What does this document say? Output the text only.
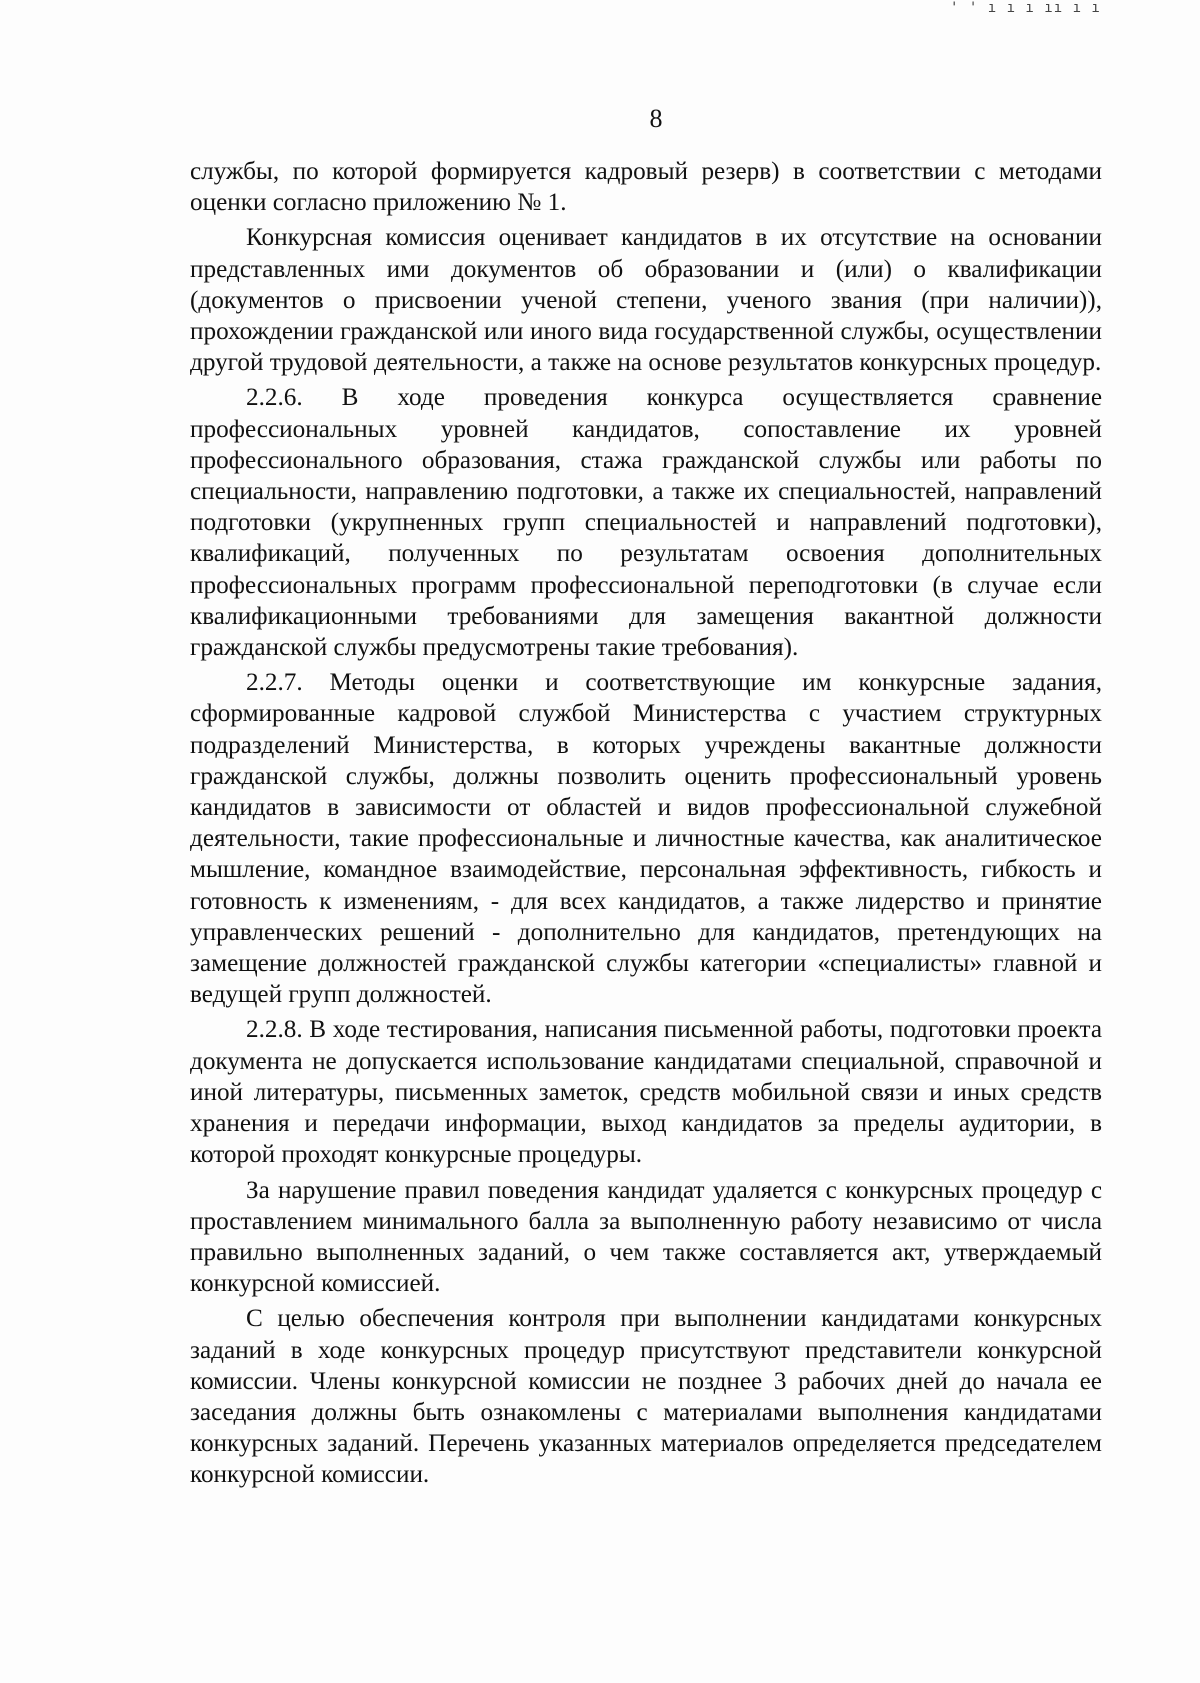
' ' ı ı ı ıı ı ı
8

службы, по которой формируется кадровый резерв) в соответствии с методами оценки согласно приложению № 1.

Конкурсная комиссия оценивает кандидатов в их отсутствие на основании представленных ими документов об образовании и (или) о квалификации (документов о присвоении ученой степени, ученого звания (при наличии)), прохождении гражданской или иного вида государственной службы, осуществлении другой трудовой деятельности, а также на основе результатов конкурсных процедур.

2.2.6. В ходе проведения конкурса осуществляется сравнение профессиональных уровней кандидатов, сопоставление их уровней профессионального образования, стажа гражданской службы или работы по специальности, направлению подготовки, а также их специальностей, направлений подготовки (укрупненных групп специальностей и направлений подготовки), квалификаций, полученных по результатам освоения дополнительных профессиональных программ профессиональной переподготовки (в случае если квалификационными требованиями для замещения вакантной должности гражданской службы предусмотрены такие требования).

2.2.7. Методы оценки и соответствующие им конкурсные задания, сформированные кадровой службой Министерства с участием структурных подразделений Министерства, в которых учреждены вакантные должности гражданской службы, должны позволить оценить профессиональный уровень кандидатов в зависимости от областей и видов профессиональной служебной деятельности, такие профессиональные и личностные качества, как аналитическое мышление, командное взаимодействие, персональная эффективность, гибкость и готовность к изменениям, - для всех кандидатов, а также лидерство и принятие управленческих решений - дополнительно для кандидатов, претендующих на замещение должностей гражданской службы категории «специалисты» главной и ведущей групп должностей.

2.2.8. В ходе тестирования, написания письменной работы, подготовки проекта документа не допускается использование кандидатами специальной, справочной и иной литературы, письменных заметок, средств мобильной связи и иных средств хранения и передачи информации, выход кандидатов за пределы аудитории, в которой проходят конкурсные процедуры.

За нарушение правил поведения кандидат удаляется с конкурсных процедур с проставлением минимального балла за выполненную работу независимо от числа правильно выполненных заданий, о чем также составляется акт, утверждаемый конкурсной комиссией.

С целью обеспечения контроля при выполнении кандидатами конкурсных заданий в ходе конкурсных процедур присутствуют представители конкурсной комиссии. Члены конкурсной комиссии не позднее 3 рабочих дней до начала ее заседания должны быть ознакомлены с материалами выполнения кандидатами конкурсных заданий. Перечень указанных материалов определяется председателем конкурсной комиссии.
